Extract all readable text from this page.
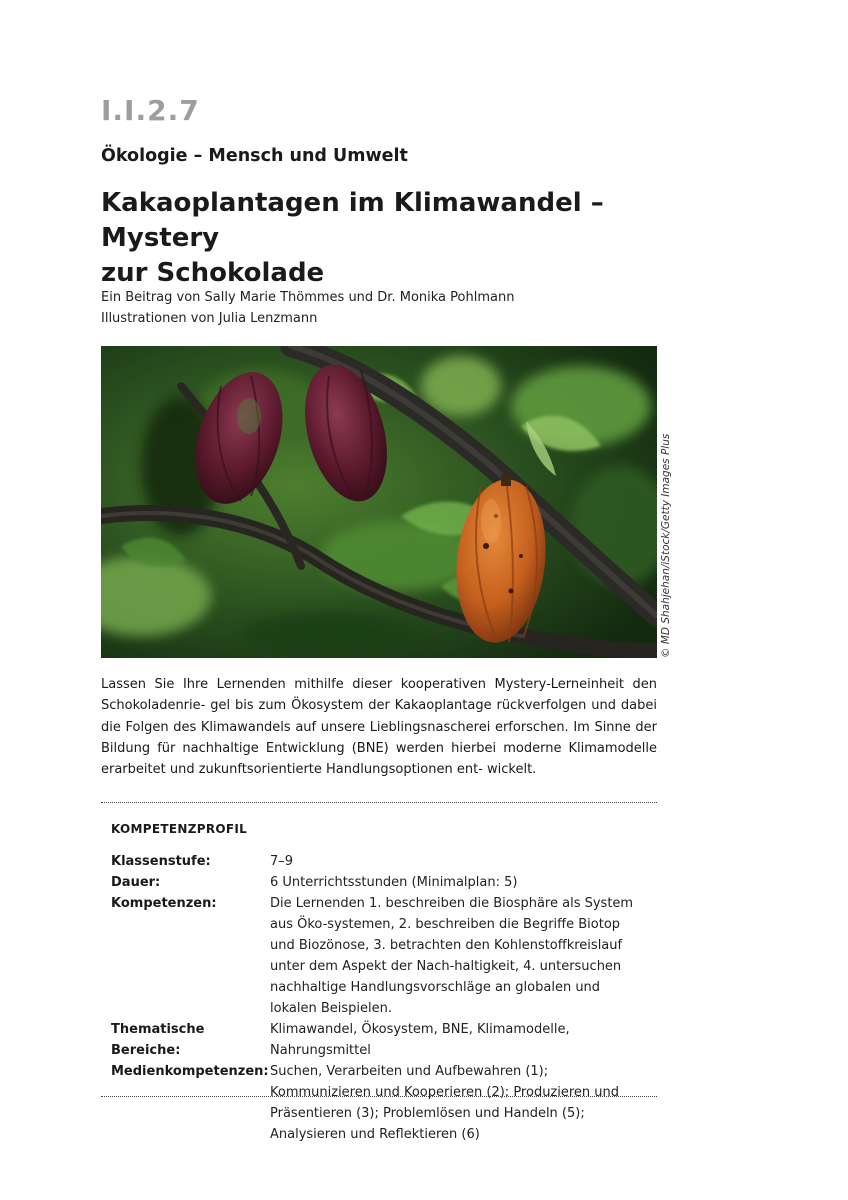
I.I.2.7
Ökologie – Mensch und Umwelt
Kakaoplantagen im Klimawandel – Mystery
zur Schokolade
Ein Beitrag von Sally Marie Thömmes und Dr. Monika Pohlmann
Illustrationen von Julia Lenzmann
© MD Shahjehan/iStock/Getty Images Plus

Lassen Sie Ihre Lernenden mithilfe dieser kooperativen Mystery-Lerneinheit den Schokoladenrie- gel bis zum Ökosystem der Kakaoplantage rückverfolgen und dabei die Folgen des Klimawandels auf unsere Lieblingsnascherei erforschen. Im Sinne der Bildung für nachhaltige Entwicklung (BNE) werden hierbei moderne Klimamodelle erarbeitet und zukunftsorientierte Handlungsoptionen ent- wickelt.

KOMPETENZPROFIL
Klassenstufe:	7–9
Dauer:	6 Unterrichtsstunden (Minimalplan: 5)
Kompetenzen:	Die Lernenden 1. beschreiben die Biosphäre als System aus Öko-systemen, 2. beschreiben die Begriffe Biotop und Biozönose, 3. betrachten den Kohlenstoffkreislauf unter dem Aspekt der Nach-haltigkeit, 4. untersuchen nachhaltige Handlungsvorschläge an globalen und lokalen Beispielen.
Thematische Bereiche:
Klimawandel, Ökosystem, BNE, Klimamodelle, Nahrungsmittel
Medienkompetenzen: Suchen, Verarbeiten und Aufbewahren (1); Kommunizieren und Kooperieren (2); Produzieren und Präsentieren (3); Problemlösen und Handeln (5); Analysieren und Reflektieren (6)
